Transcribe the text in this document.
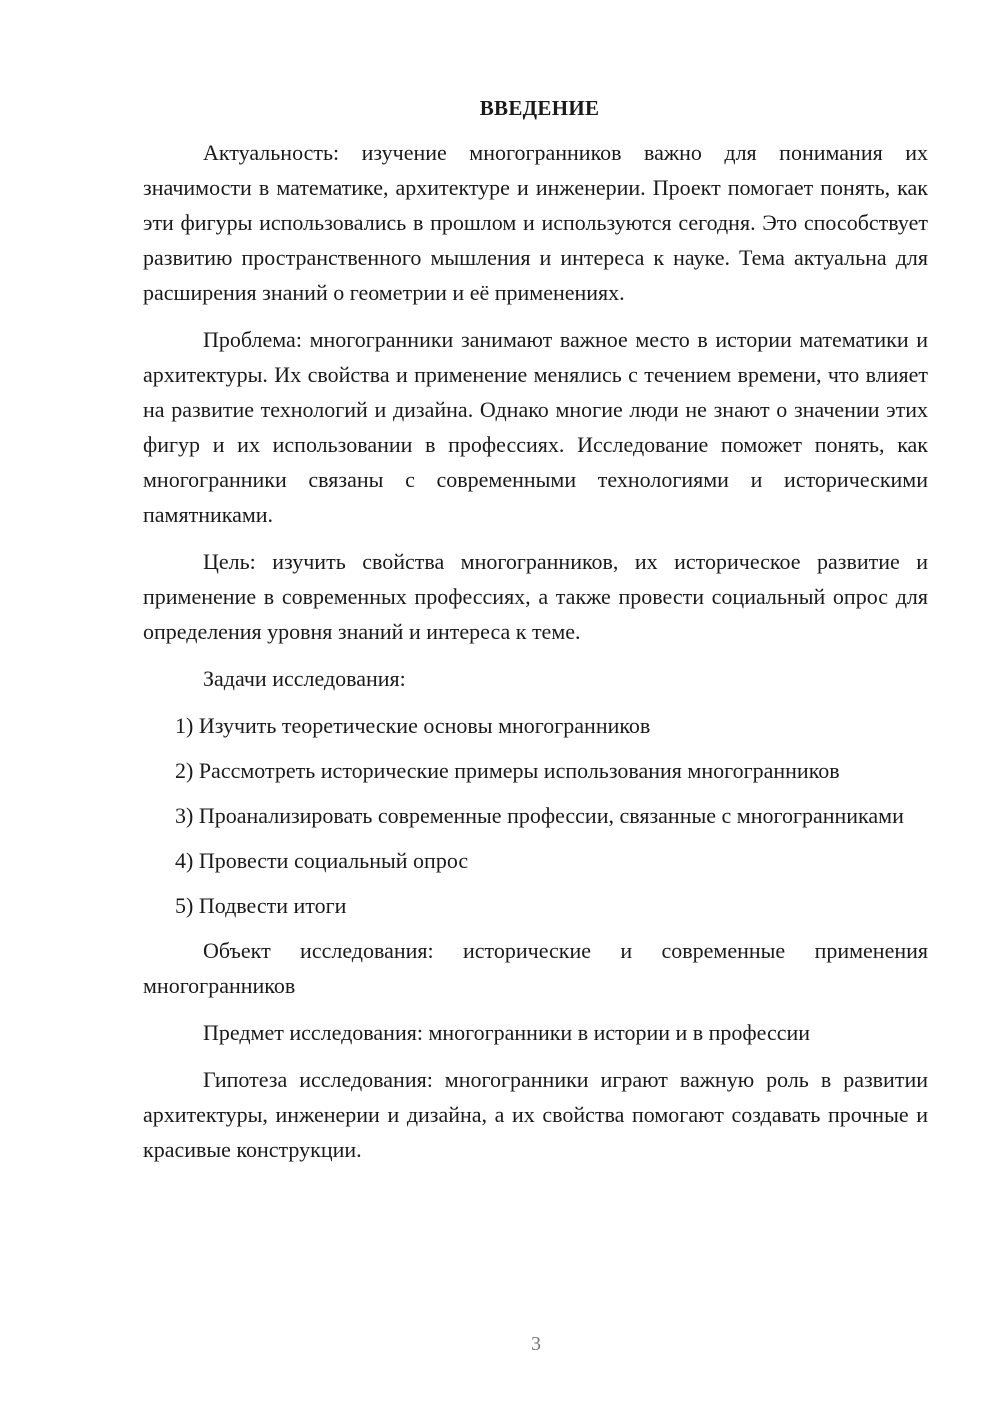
ВВЕДЕНИЕ

Актуальность: изучение многогранников важно для понимания их значимости в математике, архитектуре и инженерии. Проект помогает понять, как эти фигуры использовались в прошлом и используются сегодня. Это способствует развитию пространственного мышления и интереса к науке. Тема актуальна для расширения знаний о геометрии и её применениях.

Проблема: многогранники занимают важное место в истории математики и архитектуры. Их свойства и применение менялись с течением времени, что влияет на развитие технологий и дизайна. Однако многие люди не знают о значении этих фигур и их использовании в профессиях. Исследование поможет понять, как многогранники связаны с современными технологиями и историческими памятниками.

Цель: изучить свойства многогранников, их историческое развитие и применение в современных профессиях, а также провести социальный опрос для определения уровня знаний и интереса к теме.

Задачи исследования:

1) Изучить теоретические основы многогранников

2) Рассмотреть исторические примеры использования многогранников

3) Проанализировать современные профессии, связанные с многогранниками

4) Провести социальный опрос

5) Подвести итоги

Объект исследования: исторические и современные применения многогранников

Предмет исследования: многогранники в истории и в профессии

Гипотеза исследования: многогранники играют важную роль в развитии архитектуры, инженерии и дизайна, а их свойства помогают создавать прочные и красивые конструкции.

3
